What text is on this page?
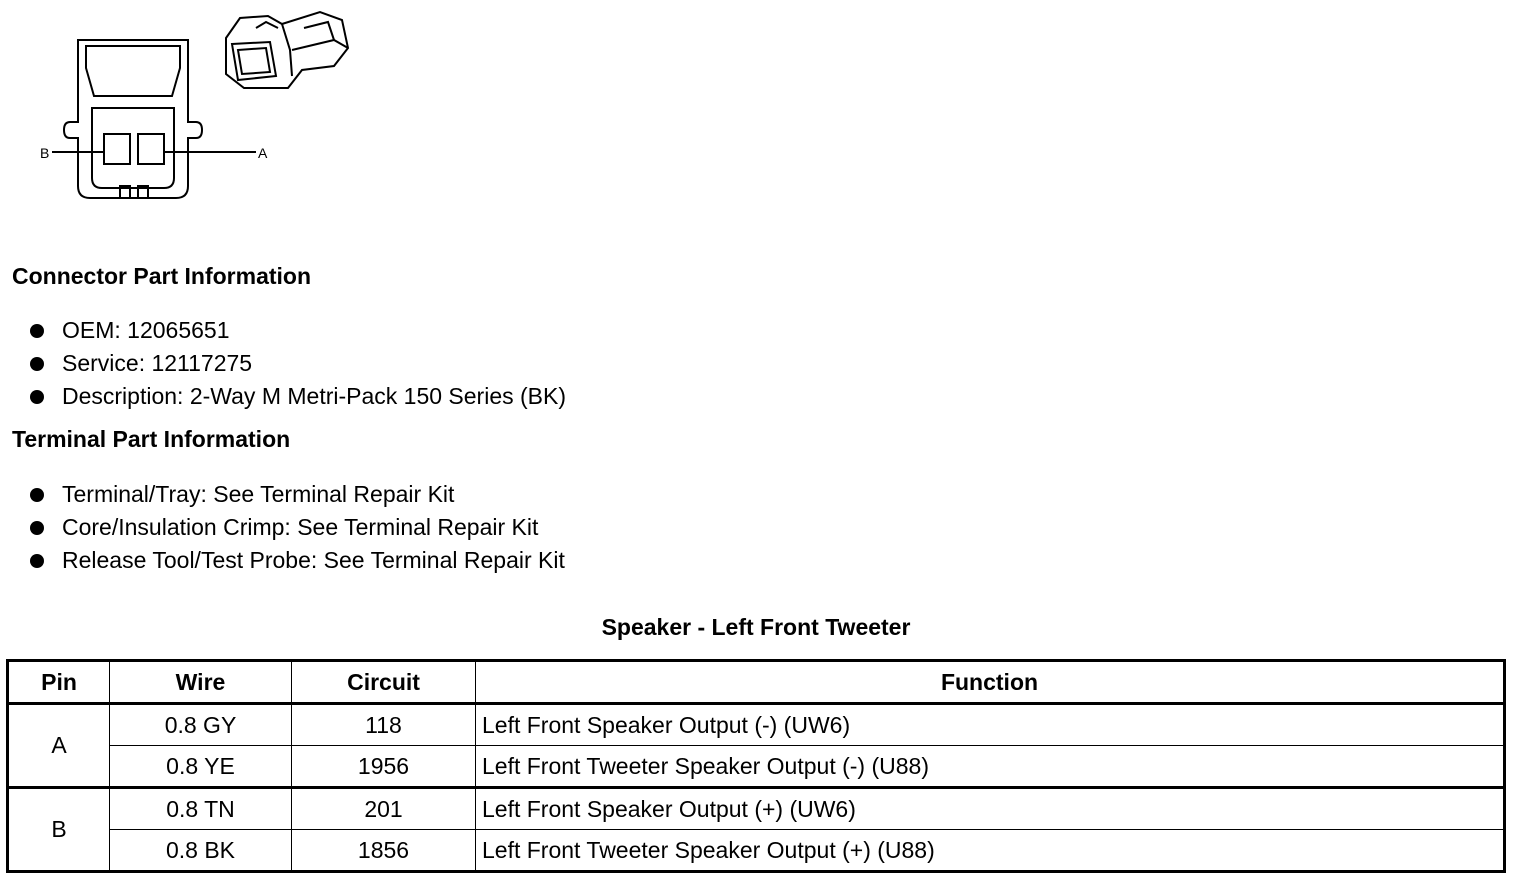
B	A
Connector Part Information
OEM: 12065651
Service: 12117275
Description: 2-Way M Metri-Pack 150 Series (BK)
Terminal Part Information
Terminal/Tray: See Terminal Repair Kit
Core/Insulation Crimp: See Terminal Repair Kit
Release Tool/Test Probe: See Terminal Repair Kit
Speaker - Left Front Tweeter
Pin	Wire	Circuit	Function
A	0.8 GY	118	Left Front Speaker Output (-) (UW6)
	0.8 YE	1956	Left Front Tweeter Speaker Output (-) (U88)
B	0.8 TN	201	Left Front Speaker Output (+) (UW6)
	0.8 BK	1856	Left Front Tweeter Speaker Output (+) (U88)
